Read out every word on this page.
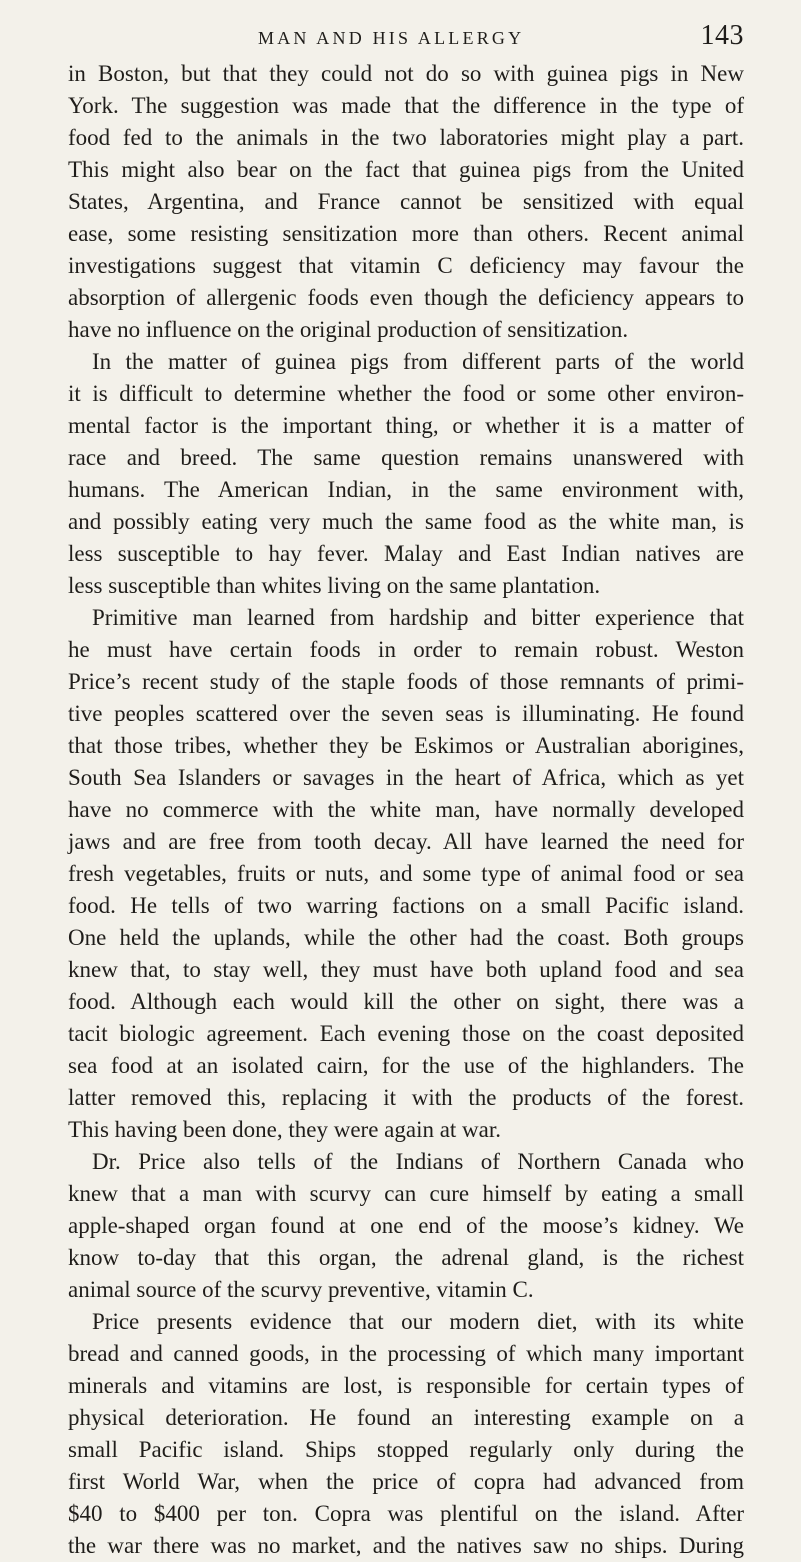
MAN AND HIS ALLERGY	143
in Boston, but that they could not do so with guinea pigs in New
York. The suggestion was made that the difference in the type of
food fed to the animals in the two laboratories might play a part.
This might also bear on the fact that guinea pigs from the United
States, Argentina, and France cannot be sensitized with equal
ease, some resisting sensitization more than others. Recent animal
investigations suggest that vitamin C deficiency may favour the
absorption of allergenic foods even though the deficiency appears to
have no influence on the original production of sensitization.
In the matter of guinea pigs from different parts of the world
it is difficult to determine whether the food or some other environ-
mental factor is the important thing, or whether it is a matter of
race and breed. The same question remains unanswered with
humans. The American Indian, in the same environment with,
and possibly eating very much the same food as the white man, is
less susceptible to hay fever. Malay and East Indian natives are
less susceptible than whites living on the same plantation.
Primitive man learned from hardship and bitter experience that
he must have certain foods in order to remain robust. Weston
Price’s recent study of the staple foods of those remnants of primi-
tive peoples scattered over the seven seas is illuminating. He found
that those tribes, whether they be Eskimos or Australian aborigines,
South Sea Islanders or savages in the heart of Africa, which as yet
have no commerce with the white man, have normally developed
jaws and are free from tooth decay. All have learned the need for
fresh vegetables, fruits or nuts, and some type of animal food or sea
food. He tells of two warring factions on a small Pacific island.
One held the uplands, while the other had the coast. Both groups
knew that, to stay well, they must have both upland food and sea
food. Although each would kill the other on sight, there was a
tacit biologic agreement. Each evening those on the coast deposited
sea food at an isolated cairn, for the use of the highlanders. The
latter removed this, replacing it with the products of the forest.
This having been done, they were again at war.
Dr. Price also tells of the Indians of Northern Canada who
knew that a man with scurvy can cure himself by eating a small
apple-shaped organ found at one end of the moose’s kidney. We
know to-day that this organ, the adrenal gland, is the richest
animal source of the scurvy preventive, vitamin C.
Price presents evidence that our modern diet, with its white
bread and canned goods, in the processing of which many important
minerals and vitamins are lost, is responsible for certain types of
physical deterioration. He found an interesting example on a
small Pacific island. Ships stopped regularly only during the
first World War, when the price of copra had advanced from
$40 to $400 per ton. Copra was plentiful on the island. After
the war there was no market, and the natives saw no ships. During
